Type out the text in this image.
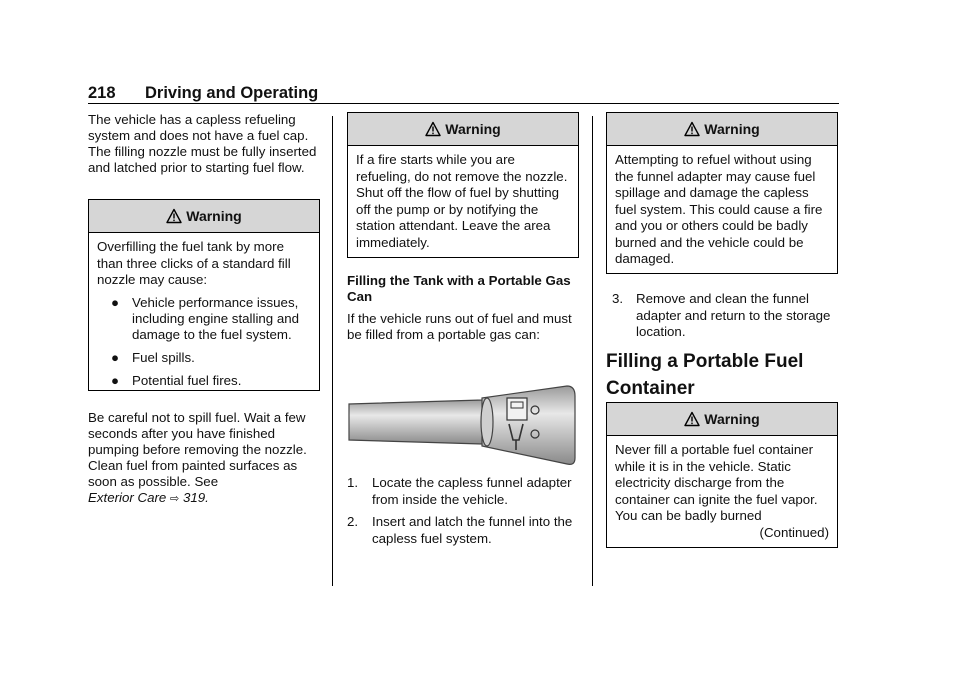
218 Driving and Operating

The vehicle has a capless refueling system and does not have a fuel cap. The filling nozzle must be fully inserted and latched prior to starting fuel flow.

Warning

Overfilling the fuel tank by more than three clicks of a standard fill nozzle may cause:

● Vehicle performance issues, including engine stalling and damage to the fuel system.
● Fuel spills.
● Potential fuel fires.

Be careful not to spill fuel. Wait a few seconds after you have finished pumping before removing the nozzle. Clean fuel from painted surfaces as soon as possible. See
Exterior Care ⇨ 319.

Warning

If a fire starts while you are refueling, do not remove the nozzle. Shut off the flow of fuel by shutting off the pump or by notifying the station attendant. Leave the area immediately.

Filling the Tank with a Portable Gas Can

If the vehicle runs out of fuel and must be filled from a portable gas can:

1. Locate the capless funnel adapter from inside the vehicle.
2. Insert and latch the funnel into the capless fuel system.
Warning

Attempting to refuel without using the funnel adapter may cause fuel spillage and damage the capless fuel system. This could cause a fire and you or others could be badly burned and the vehicle could be damaged.

3. Remove and clean the funnel adapter and return to the storage location.
Filling a Portable Fuel Container
Warning

Never fill a portable fuel container while it is in the vehicle. Static electricity discharge from the container can ignite the fuel vapor. You can be badly burned

(Continued)
